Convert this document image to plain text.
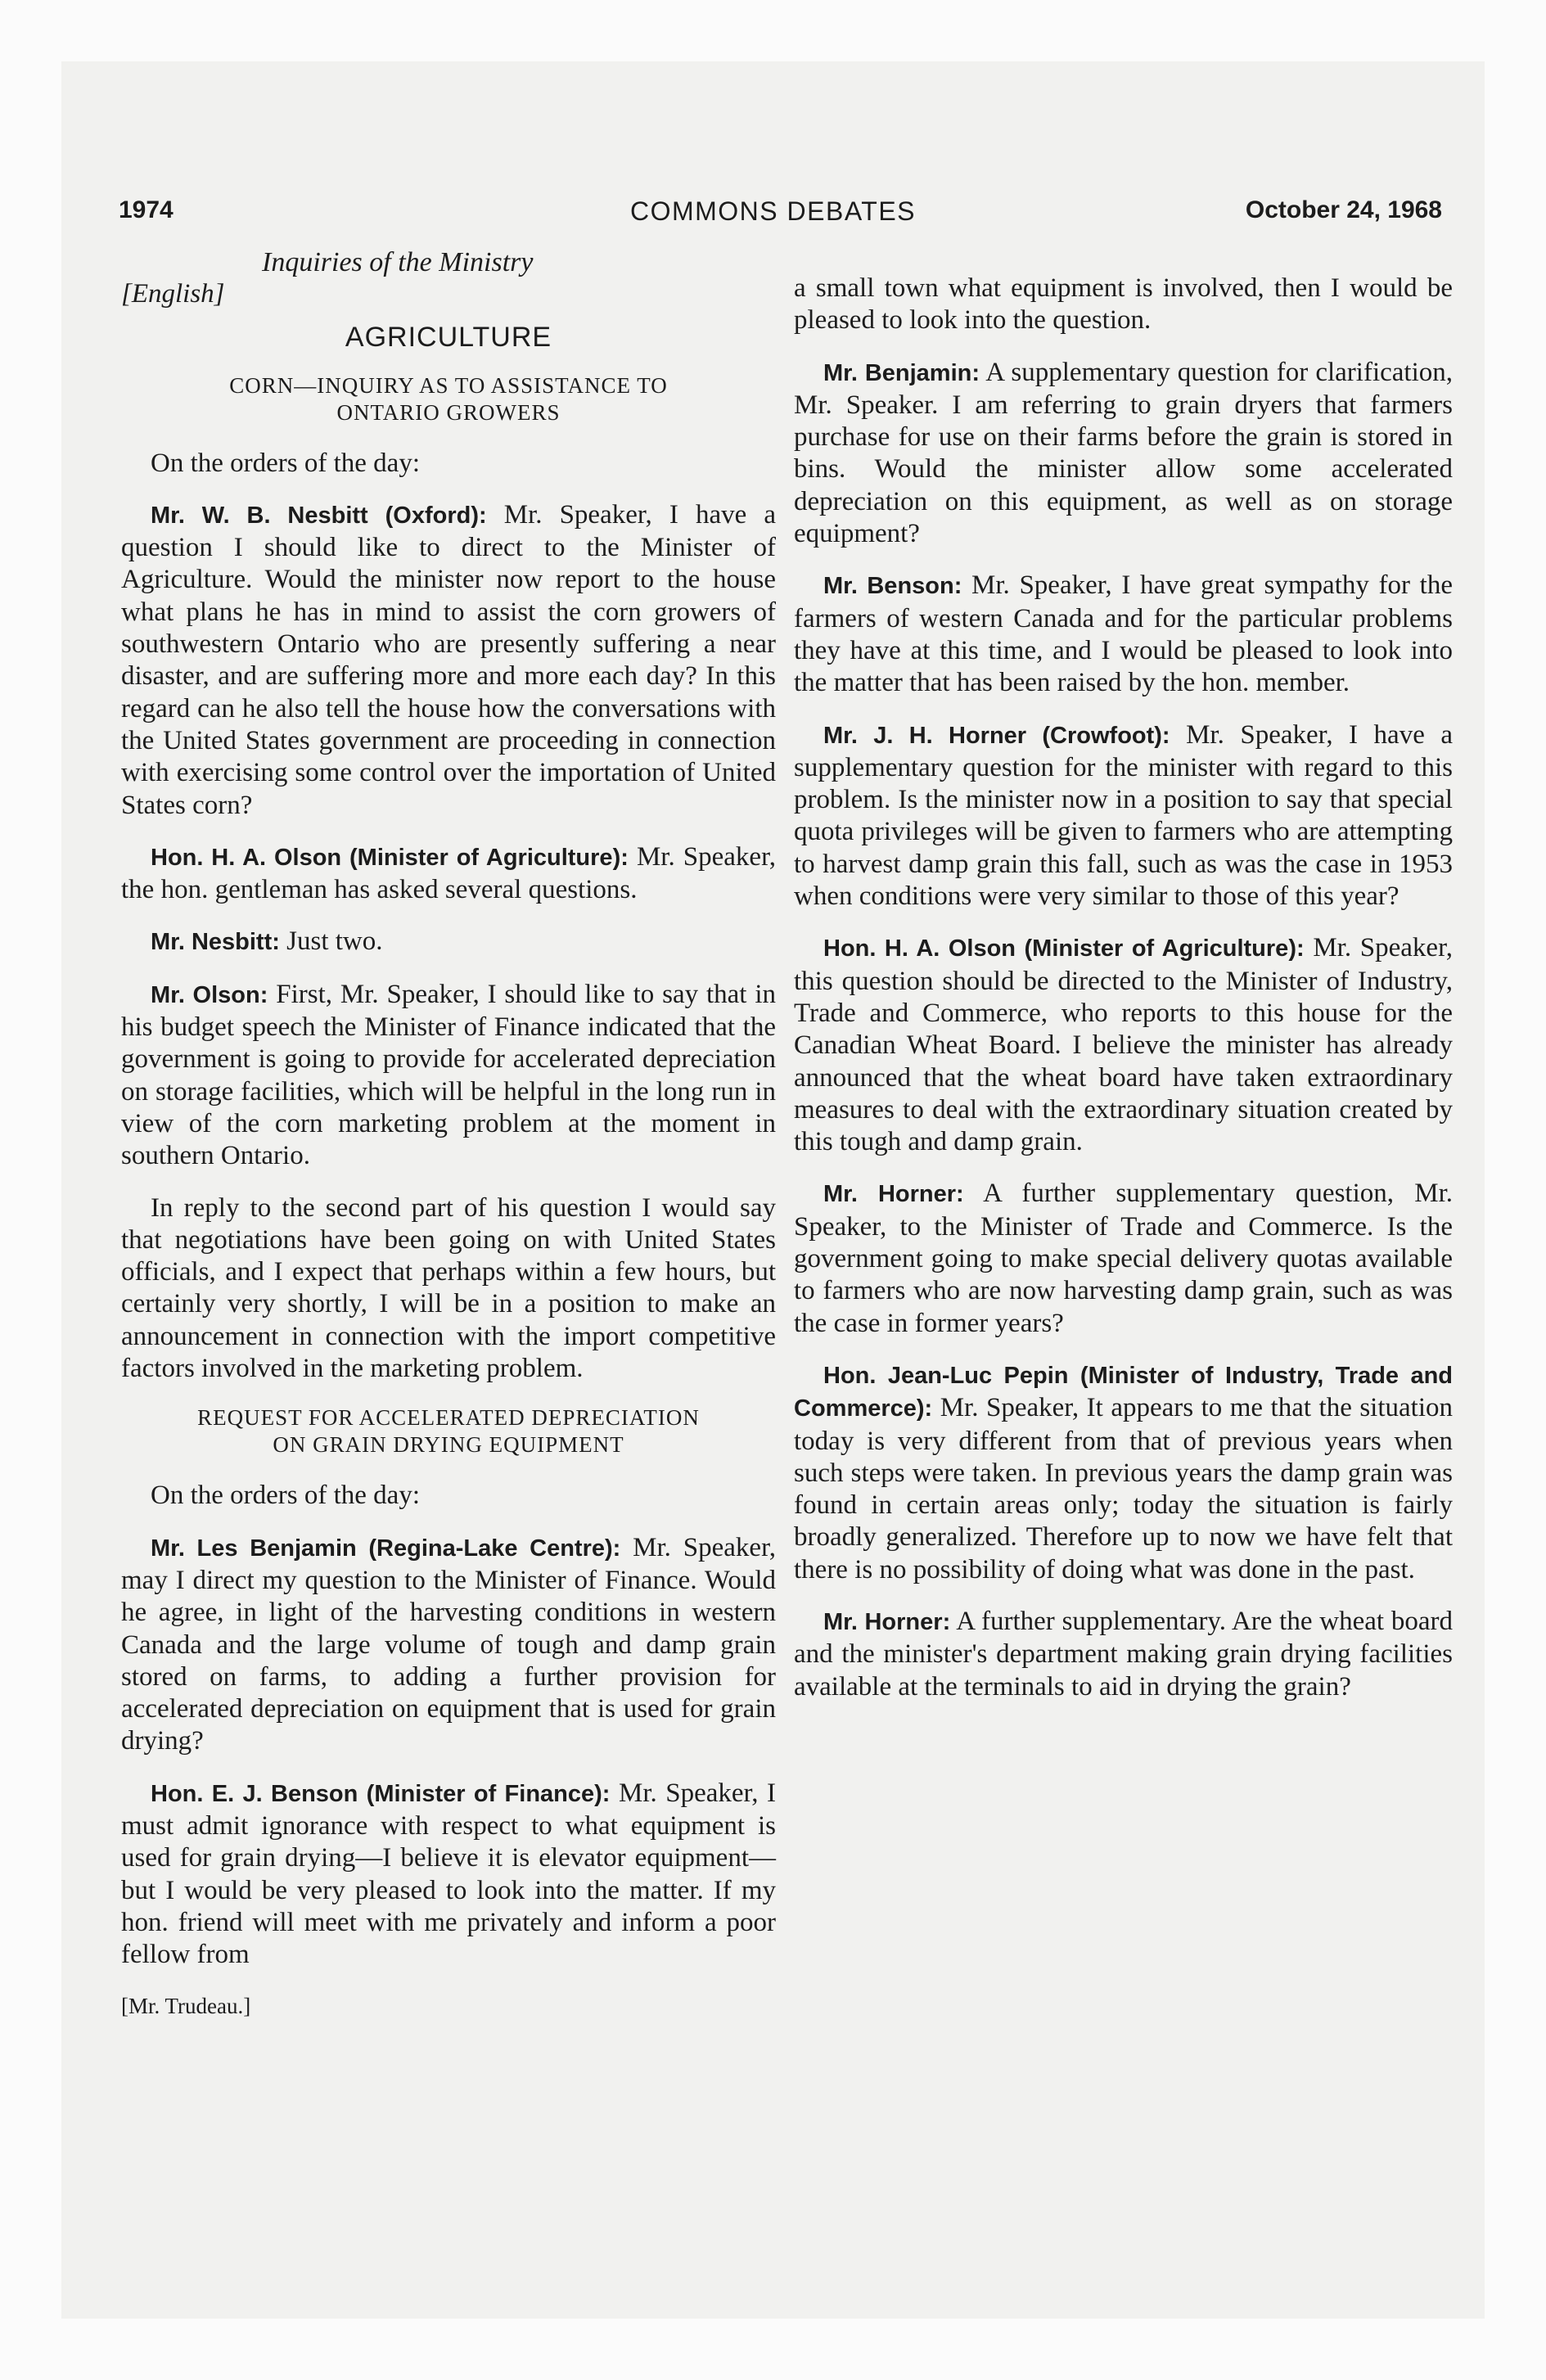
1974	COMMONS DEBATES	October 24, 1968
Inquiries of the Ministry
[English]
AGRICULTURE
CORN—INQUIRY AS TO ASSISTANCE TO
ONTARIO GROWERS

On the orders of the day:

Mr. W. B. Nesbitt (Oxford): Mr. Speaker, I have a question I should like to direct to the Minister of Agriculture. Would the minister now report to the house what plans he has in mind to assist the corn growers of southwestern Ontario who are presently suffering a near disaster, and are suffering more and more each day? In this regard can he also tell the house how the conversations with the United States government are proceeding in connection with exercising some control over the importation of United States corn?

Hon. H. A. Olson (Minister of Agriculture): Mr. Speaker, the hon. gentleman has asked several questions.

Mr. Nesbitt: Just two.

Mr. Olson: First, Mr. Speaker, I should like to say that in his budget speech the Minister of Finance indicated that the government is going to provide for accelerated depreciation on storage facilities, which will be helpful in the long run in view of the corn marketing problem at the moment in southern Ontario.

In reply to the second part of his question I would say that negotiations have been going on with United States officials, and I expect that perhaps within a few hours, but certainly very shortly, I will be in a position to make an announcement in connection with the import competitive factors involved in the marketing problem.

REQUEST FOR ACCELERATED DEPRECIATION
ON GRAIN DRYING EQUIPMENT

On the orders of the day:

Mr. Les Benjamin (Regina-Lake Centre): Mr. Speaker, may I direct my question to the Minister of Finance. Would he agree, in light of the harvesting conditions in western Canada and the large volume of tough and damp grain stored on farms, to adding a further provision for accelerated depreciation on equipment that is used for grain drying?

Hon. E. J. Benson (Minister of Finance): Mr. Speaker, I must admit ignorance with respect to what equipment is used for grain drying—I believe it is elevator equipment—but I would be very pleased to look into the matter. If my hon. friend will meet with me privately and inform a poor fellow from

[Mr. Trudeau.]

a small town what equipment is involved, then I would be pleased to look into the question.

Mr. Benjamin: A supplementary question for clarification, Mr. Speaker. I am referring to grain dryers that farmers purchase for use on their farms before the grain is stored in bins. Would the minister allow some accelerated depreciation on this equipment, as well as on storage equipment?

Mr. Benson: Mr. Speaker, I have great sympathy for the farmers of western Canada and for the particular problems they have at this time, and I would be pleased to look into the matter that has been raised by the hon. member.

Mr. J. H. Horner (Crowfoot): Mr. Speaker, I have a supplementary question for the minister with regard to this problem. Is the minister now in a position to say that special quota privileges will be given to farmers who are attempting to harvest damp grain this fall, such as was the case in 1953 when conditions were very similar to those of this year?

Hon. H. A. Olson (Minister of Agriculture): Mr. Speaker, this question should be directed to the Minister of Industry, Trade and Commerce, who reports to this house for the Canadian Wheat Board. I believe the minister has already announced that the wheat board have taken extraordinary measures to deal with the extraordinary situation created by this tough and damp grain.

Mr. Horner: A further supplementary question, Mr. Speaker, to the Minister of Trade and Commerce. Is the government going to make special delivery quotas available to farmers who are now harvesting damp grain, such as was the case in former years?

Hon. Jean-Luc Pepin (Minister of Industry, Trade and Commerce): Mr. Speaker, It appears to me that the situation today is very different from that of previous years when such steps were taken. In previous years the damp grain was found in certain areas only; today the situation is fairly broadly generalized. Therefore up to now we have felt that there is no possibility of doing what was done in the past.

Mr. Horner: A further supplementary. Are the wheat board and the minister's department making grain drying facilities available at the terminals to aid in drying the grain?
